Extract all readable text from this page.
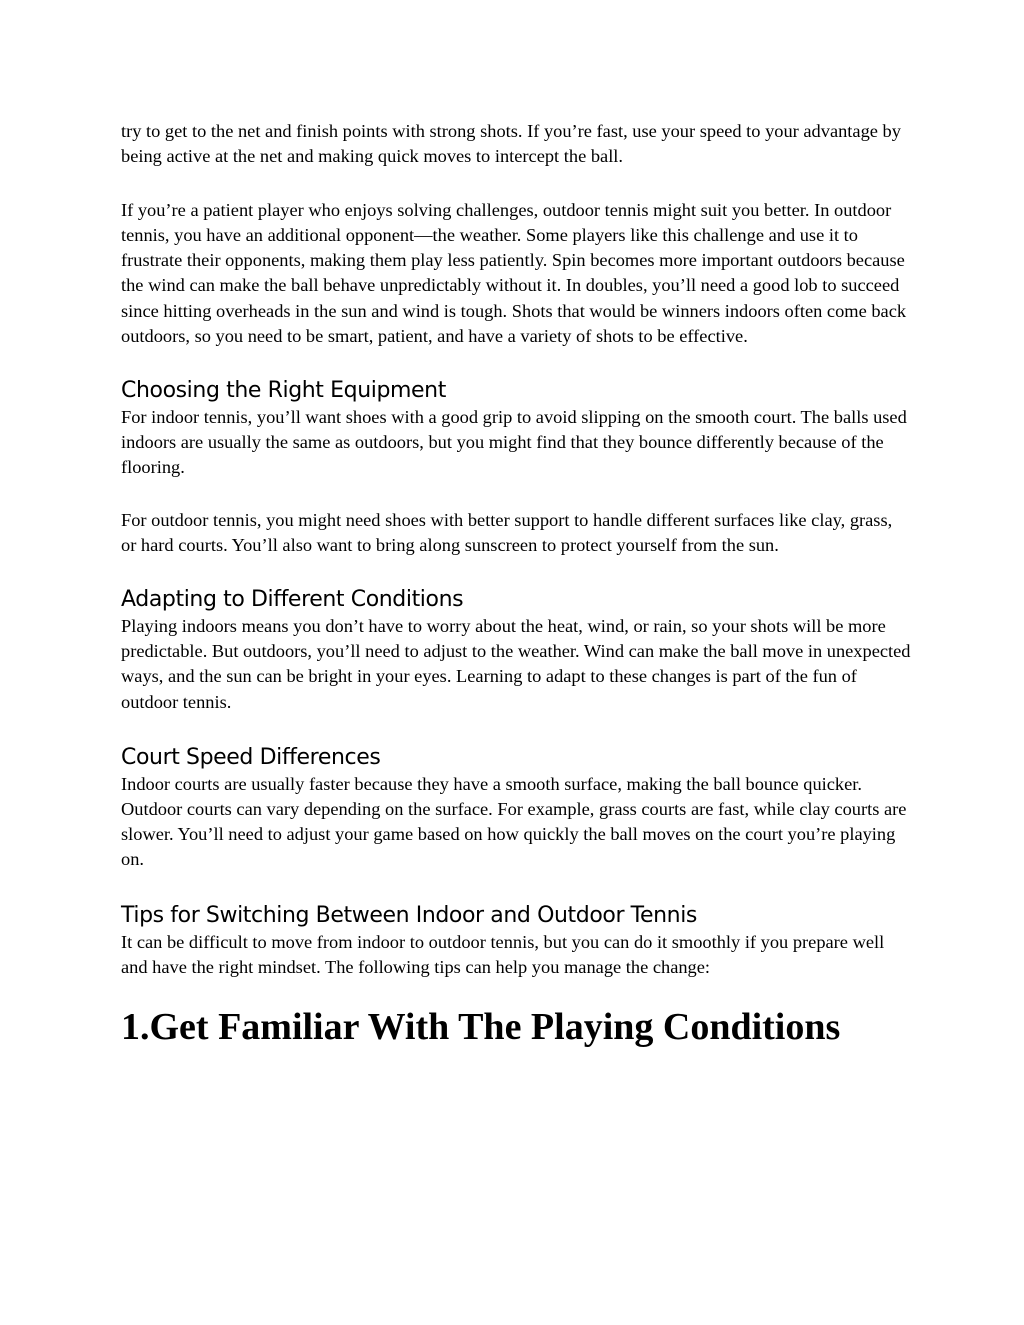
try to get to the net and finish points with strong shots. If you’re fast, use your speed to your advantage by being active at the net and making quick moves to intercept the ball.

If you’re a patient player who enjoys solving challenges, outdoor tennis might suit you better. In outdoor tennis, you have an additional opponent—the weather. Some players like this challenge and use it to frustrate their opponents, making them play less patiently. Spin becomes more important outdoors because the wind can make the ball behave unpredictably without it. In doubles, you’ll need a good lob to succeed since hitting overheads in the sun and wind is tough. Shots that would be winners indoors often come back outdoors, so you need to be smart, patient, and have a variety of shots to be effective.

Choosing the Right Equipment

For indoor tennis, you’ll want shoes with a good grip to avoid slipping on the smooth court. The balls used indoors are usually the same as outdoors, but you might find that they bounce differently because of the flooring.

For outdoor tennis, you might need shoes with better support to handle different surfaces like clay, grass, or hard courts. You’ll also want to bring along sunscreen to protect yourself from the sun.

Adapting to Different Conditions

Playing indoors means you don’t have to worry about the heat, wind, or rain, so your shots will be more predictable. But outdoors, you’ll need to adjust to the weather. Wind can make the ball move in unexpected ways, and the sun can be bright in your eyes. Learning to adapt to these changes is part of the fun of outdoor tennis.

Court Speed Differences

Indoor courts are usually faster because they have a smooth surface, making the ball bounce quicker. Outdoor courts can vary depending on the surface. For example, grass courts are fast, while clay courts are slower. You’ll need to adjust your game based on how quickly the ball moves on the court you’re playing on.

Tips for Switching Between Indoor and Outdoor Tennis

It can be difficult to move from indoor to outdoor tennis, but you can do it smoothly if you prepare well and have the right mindset. The following tips can help you manage the change:

1.Get Familiar With The Playing Conditions
